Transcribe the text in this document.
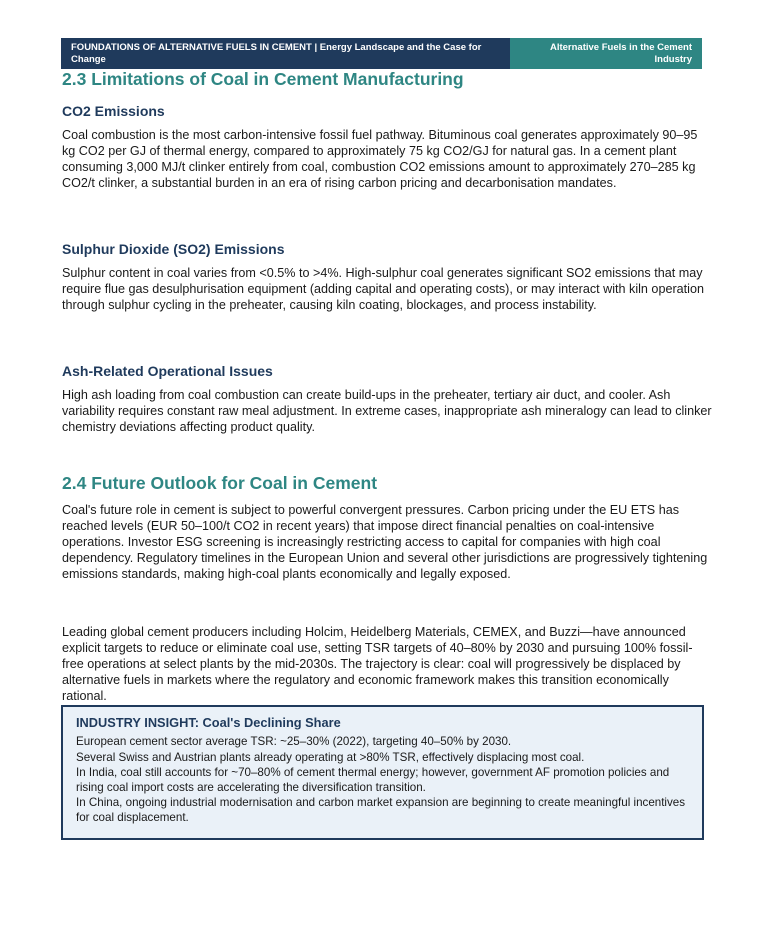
FOUNDATIONS OF ALTERNATIVE FUELS IN CEMENT | Energy Landscape and the Case for Change
Alternative Fuels in the Cement Industry
2.3 Limitations of Coal in Cement Manufacturing
CO2 Emissions

Coal combustion is the most carbon-intensive fossil fuel pathway. Bituminous coal generates approximately 90–95 kg CO2 per GJ of thermal energy, compared to approximately 75 kg CO2/GJ for natural gas. In a cement plant consuming 3,000 MJ/t clinker entirely from coal, combustion CO2 emissions amount to approximately 270–285 kg CO2/t clinker, a substantial burden in an era of rising carbon pricing and decarbonisation mandates.

Sulphur Dioxide (SO2) Emissions

Sulphur content in coal varies from <0.5% to >4%. High-sulphur coal generates significant SO2 emissions that may require flue gas desulphurisation equipment (adding capital and operating costs), or may interact with kiln operation through sulphur cycling in the preheater, causing kiln coating, blockages, and process instability.

Ash-Related Operational Issues

High ash loading from coal combustion can create build-ups in the preheater, tertiary air duct, and cooler. Ash variability requires constant raw meal adjustment. In extreme cases, inappropriate ash mineralogy can lead to clinker chemistry deviations affecting product quality.

2.4 Future Outlook for Coal in Cement

Coal's future role in cement is subject to powerful convergent pressures. Carbon pricing under the EU ETS has reached levels (EUR 50–100/t CO2 in recent years) that impose direct financial penalties on coal-intensive operations. Investor ESG screening is increasingly restricting access to capital for companies with high coal dependency. Regulatory timelines in the European Union and several other jurisdictions are progressively tightening emissions standards, making high-coal plants economically and legally exposed.

Leading global cement producers including Holcim, Heidelberg Materials, CEMEX, and Buzzi—have announced explicit targets to reduce or eliminate coal use, setting TSR targets of 40–80% by 2030 and pursuing 100% fossil-free operations at select plants by the mid-2030s. The trajectory is clear: coal will progressively be displaced by alternative fuels in markets where the regulatory and economic framework makes this transition economically rational.

INDUSTRY INSIGHT: Coal's Declining Share
European cement sector average TSR: ~25–30% (2022), targeting 40–50% by 2030.
Several Swiss and Austrian plants already operating at >80% TSR, effectively displacing most coal.
In India, coal still accounts for ~70–80% of cement thermal energy; however, government AF promotion policies and rising coal import costs are accelerating the diversification transition.
In China, ongoing industrial modernisation and carbon market expansion are beginning to create meaningful incentives for coal displacement.
